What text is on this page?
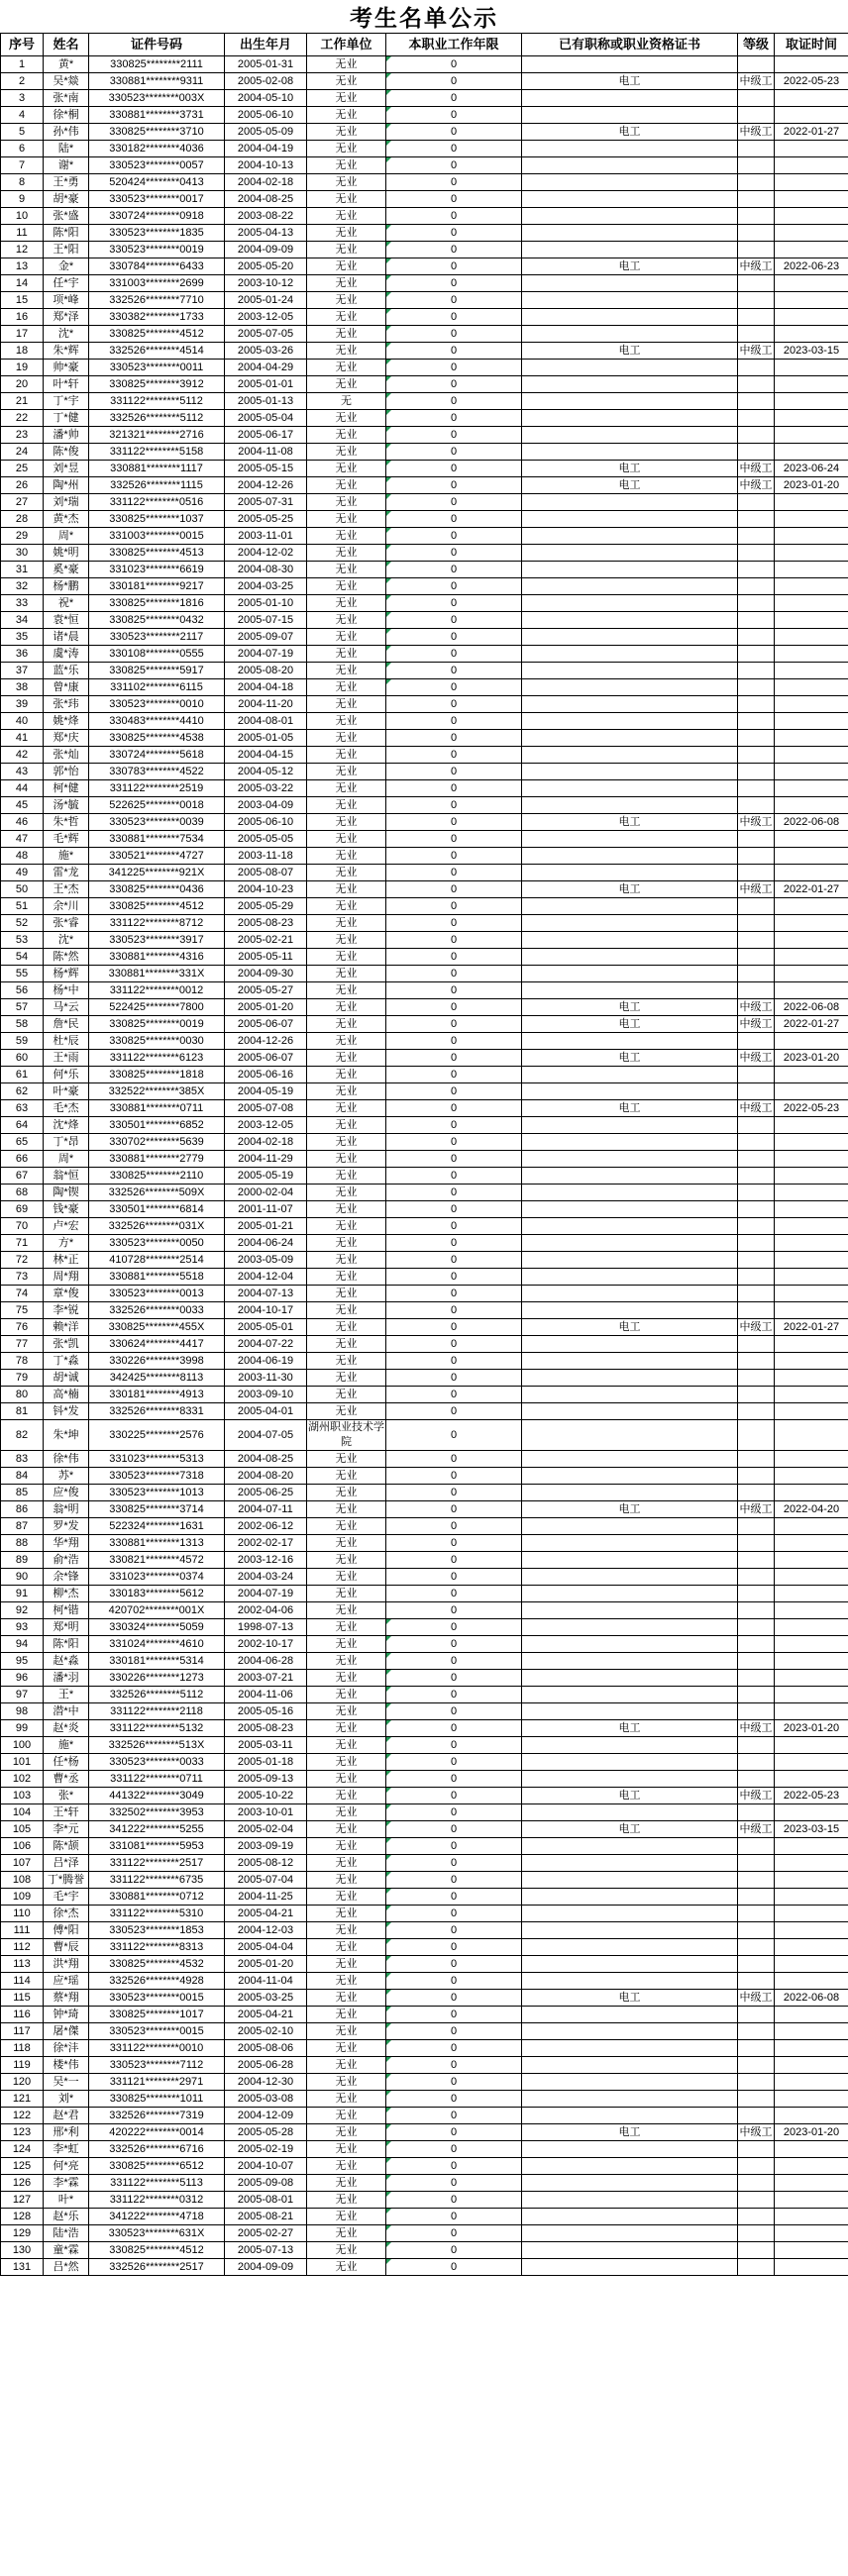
考生名单公示
序号	姓名	证件号码	出生年月	工作单位	本职业工作年限	已有职称或职业资格证书	等级	取证时间
1	黄*	330825********2111	2005-01-31	无业	0			
2	吴*燚	330881********9311	2005-02-08	无业	0	电工	中级工	2022-05-23
3	张*南	330523********003X	2004-05-10	无业	0			
4	徐*桐	330881********3731	2005-06-10	无业	0			
5	孙*伟	330825********3710	2005-05-09	无业	0	电工	中级工	2022-01-27
6	陆*	330182********4036	2004-04-19	无业	0			
7	谢*	330523********0057	2004-10-13	无业	0			
8	王*勇	520424********0413	2004-02-18	无业	0			
9	胡*豪	330523********0017	2004-08-25	无业	0			
10	张*盛	330724********0918	2003-08-22	无业	0			
11	陈*阳	330523********1835	2005-04-13	无业	0			
12	王*阳	330523********0019	2004-09-09	无业	0			
13	金*	330784********6433	2005-05-20	无业	0	电工	中级工	2022-06-23
14	任*宇	331003********2699	2003-10-12	无业	0			
15	项*峰	332526********7710	2005-01-24	无业	0			
16	郑*泽	330382********1733	2003-12-05	无业	0			
17	沈*	330825********4512	2005-07-05	无业	0			
18	朱*辉	332526********4514	2005-03-26	无业	0	电工	中级工	2023-03-15
19	帅*豪	330523********0011	2004-04-29	无业	0			
20	叶*轩	330825********3912	2005-01-01	无业	0			
21	丁*宇	331122********5112	2005-01-13	无	0			
22	丁*健	332526********5112	2005-05-04	无业	0			
23	潘*帅	321321********2716	2005-06-17	无业	0			
24	陈*俊	331122********5158	2004-11-08	无业	0			
25	刘*昱	330881********1117	2005-05-15	无业	0	电工	中级工	2023-06-24
26	陶*州	332526********1115	2004-12-26	无业	0	电工	中级工	2023-01-20
27	刘*瑞	331122********0516	2005-07-31	无业	0			
28	黄*杰	330825********1037	2005-05-25	无业	0			
29	周*	331003********0015	2003-11-01	无业	0			
30	姚*明	330825********4513	2004-12-02	无业	0			
31	奚*豪	331023********6619	2004-08-30	无业	0			
32	杨*鹏	330181********9217	2004-03-25	无业	0			
33	祝*	330825********1816	2005-01-10	无业	0			
34	袁*恒	330825********0432	2005-07-15	无业	0			
35	诸*晨	330523********2117	2005-09-07	无业	0			
36	虞*涛	330108********0555	2004-07-19	无业	0			
37	蓝*乐	330825********5917	2005-08-20	无业	0			
38	曾*康	331102********6115	2004-04-18	无业	0			
39	张*玮	330523********0010	2004-11-20	无业	0			
40	姚*烽	330483********4410	2004-08-01	无业	0			
41	郑*庆	330825********4538	2005-01-05	无业	0			
42	张*灿	330724********5618	2004-04-15	无业	0			
43	郭*怡	330783********4522	2004-05-12	无业	0			
44	柯*健	331122********2519	2005-03-22	无业	0			
45	汤*毓	522625********0018	2003-04-09	无业	0			
46	朱*哲	330523********0039	2005-06-10	无业	0	电工	中级工	2022-06-08
47	毛*辉	330881********7534	2005-05-05	无业	0			
48	施*	330521********4727	2003-11-18	无业	0			
49	雷*龙	341225********921X	2005-08-07	无业	0			
50	王*杰	330825********0436	2004-10-23	无业	0	电工	中级工	2022-01-27
51	余*川	330825********4512	2005-05-29	无业	0			
52	张*睿	331122********8712	2005-08-23	无业	0			
53	沈*	330523********3917	2005-02-21	无业	0			
54	陈*然	330881********4316	2005-05-11	无业	0			
55	杨*辉	330881********331X	2004-09-30	无业	0			
56	杨*中	331122********0012	2005-05-27	无业	0			
57	马*云	522425********7800	2005-01-20	无业	0	电工	中级工	2022-06-08
58	詹*民	330825********0019	2005-06-07	无业	0	电工	中级工	2022-01-27
59	杜*辰	330825********0030	2004-12-26	无业	0			
60	王*雨	331122********6123	2005-06-07	无业	0	电工	中级工	2023-01-20
61	何*乐	330825********1818	2005-06-16	无业	0			
62	叶*豪	332522********385X	2004-05-19	无业	0			
63	毛*杰	330881********0711	2005-07-08	无业	0	电工	中级工	2022-05-23
64	沈*烽	330501********6852	2003-12-05	无业	0			
65	丁*昂	330702********5639	2004-02-18	无业	0			
66	周*	330881********2779	2004-11-29	无业	0			
67	翁*恒	330825********2110	2005-05-19	无业	0			
68	陶*锲	332526********509X	2000-02-04	无业	0			
69	钱*豪	330501********6814	2001-11-07	无业	0			
70	卢*宏	332526********031X	2005-01-21	无业	0			
71	方*	330523********0050	2004-06-24	无业	0			
72	林*正	410728********2514	2003-05-09	无业	0			
73	周*翔	330881********5518	2004-12-04	无业	0			
74	章*俊	330523********0013	2004-07-13	无业	0			
75	李*锐	332526********0033	2004-10-17	无业	0			
76	赖*洋	330825********455X	2005-05-01	无业	0	电工	中级工	2022-01-27
77	张*凯	330624********4417	2004-07-22	无业	0			
78	丁*淼	330226********3998	2004-06-19	无业	0			
79	胡*诚	342425********8113	2003-11-30	无业	0			
80	高*楠	330181********4913	2003-09-10	无业	0			
81	钭*发	332526********8331	2005-04-01	无业	0			
82	朱*坤	330225********2576	2004-07-05	湖州职业技术学院	0			
83	徐*伟	331023********5313	2004-08-25	无业	0			
84	苏*	330523********7318	2004-08-20	无业	0			
85	应*俊	330523********1013	2005-06-25	无业	0			
86	翁*明	330825********3714	2004-07-11	无业	0	电工	中级工	2022-04-20
87	罗*发	522324********1631	2002-06-12	无业	0			
88	华*翔	330881********1313	2002-02-17	无业	0			
89	俞*浩	330821********4572	2003-12-16	无业	0			
90	余*锋	331023********0374	2004-03-24	无业	0			
91	柳*杰	330183********5612	2004-07-19	无业	0			
92	柯*锴	420702********001X	2002-04-06	无业	0			
93	郑*明	330324********5059	1998-07-13	无业	0			
94	陈*阳	331024********4610	2002-10-17	无业	0			
95	赵*淼	330181********5314	2004-06-28	无业	0			
96	潘*羽	330226********1273	2003-07-21	无业	0			
97	王*	332526********5112	2004-11-06	无业	0			
98	潜*中	331122********2118	2005-05-16	无业	0			
99	赵*炎	331122********5132	2005-08-23	无业	0	电工	中级工	2023-01-20
100	施*	332526********513X	2005-03-11	无业	0			
101	任*杨	330523********0033	2005-01-18	无业	0			
102	曹*丞	331122********0711	2005-09-13	无业	0			
103	张*	441322********3049	2005-10-22	无业	0	电工	中级工	2022-05-23
104	王*轩	332502********3953	2003-10-01	无业	0			
105	李*元	341222********5255	2005-02-04	无业	0	电工	中级工	2023-03-15
106	陈*颉	331081********5953	2003-09-19	无业	0			
107	吕*泽	331122********2517	2005-08-12	无业	0			
108	丁*腾誉	331122********6735	2005-07-04	无业	0			
109	毛*宇	330881********0712	2004-11-25	无业	0			
110	徐*杰	331122********5310	2005-04-21	无业	0			
111	傅*阳	330523********1853	2004-12-03	无业	0			
112	曹*辰	331122********8313	2005-04-04	无业	0			
113	洪*翔	330825********4532	2005-01-20	无业	0			
114	应*瑶	332526********4928	2004-11-04	无业	0			
115	蔡*翔	330523********0015	2005-03-25	无业	0	电工	中级工	2022-06-08
116	钟*琦	330825********1017	2005-04-21	无业	0			
117	屠*傑	330523********0015	2005-02-10	无业	0			
118	徐*沣	331122********0010	2005-08-06	无业	0			
119	楼*伟	330523********7112	2005-06-28	无业	0			
120	吴*一	331121********2971	2004-12-30	无业	0			
121	刘*	330825********1011	2005-03-08	无业	0			
122	赵*君	332526********7319	2004-12-09	无业	0			
123	邢*利	420222********0014	2005-05-28	无业	0	电工	中级工	2023-01-20
124	李*虹	332526********6716	2005-02-19	无业	0			
125	何*亮	330825********6512	2004-10-07	无业	0			
126	李*霖	331122********5113	2005-09-08	无业	0			
127	叶*	331122********0312	2005-08-01	无业	0			
128	赵*乐	341222********4718	2005-08-21	无业	0			
129	陆*浩	330523********631X	2005-02-27	无业	0			
130	童*霖	330825********4512	2005-07-13	无业	0			
131	吕*然	332526********2517	2004-09-09	无业	0			
